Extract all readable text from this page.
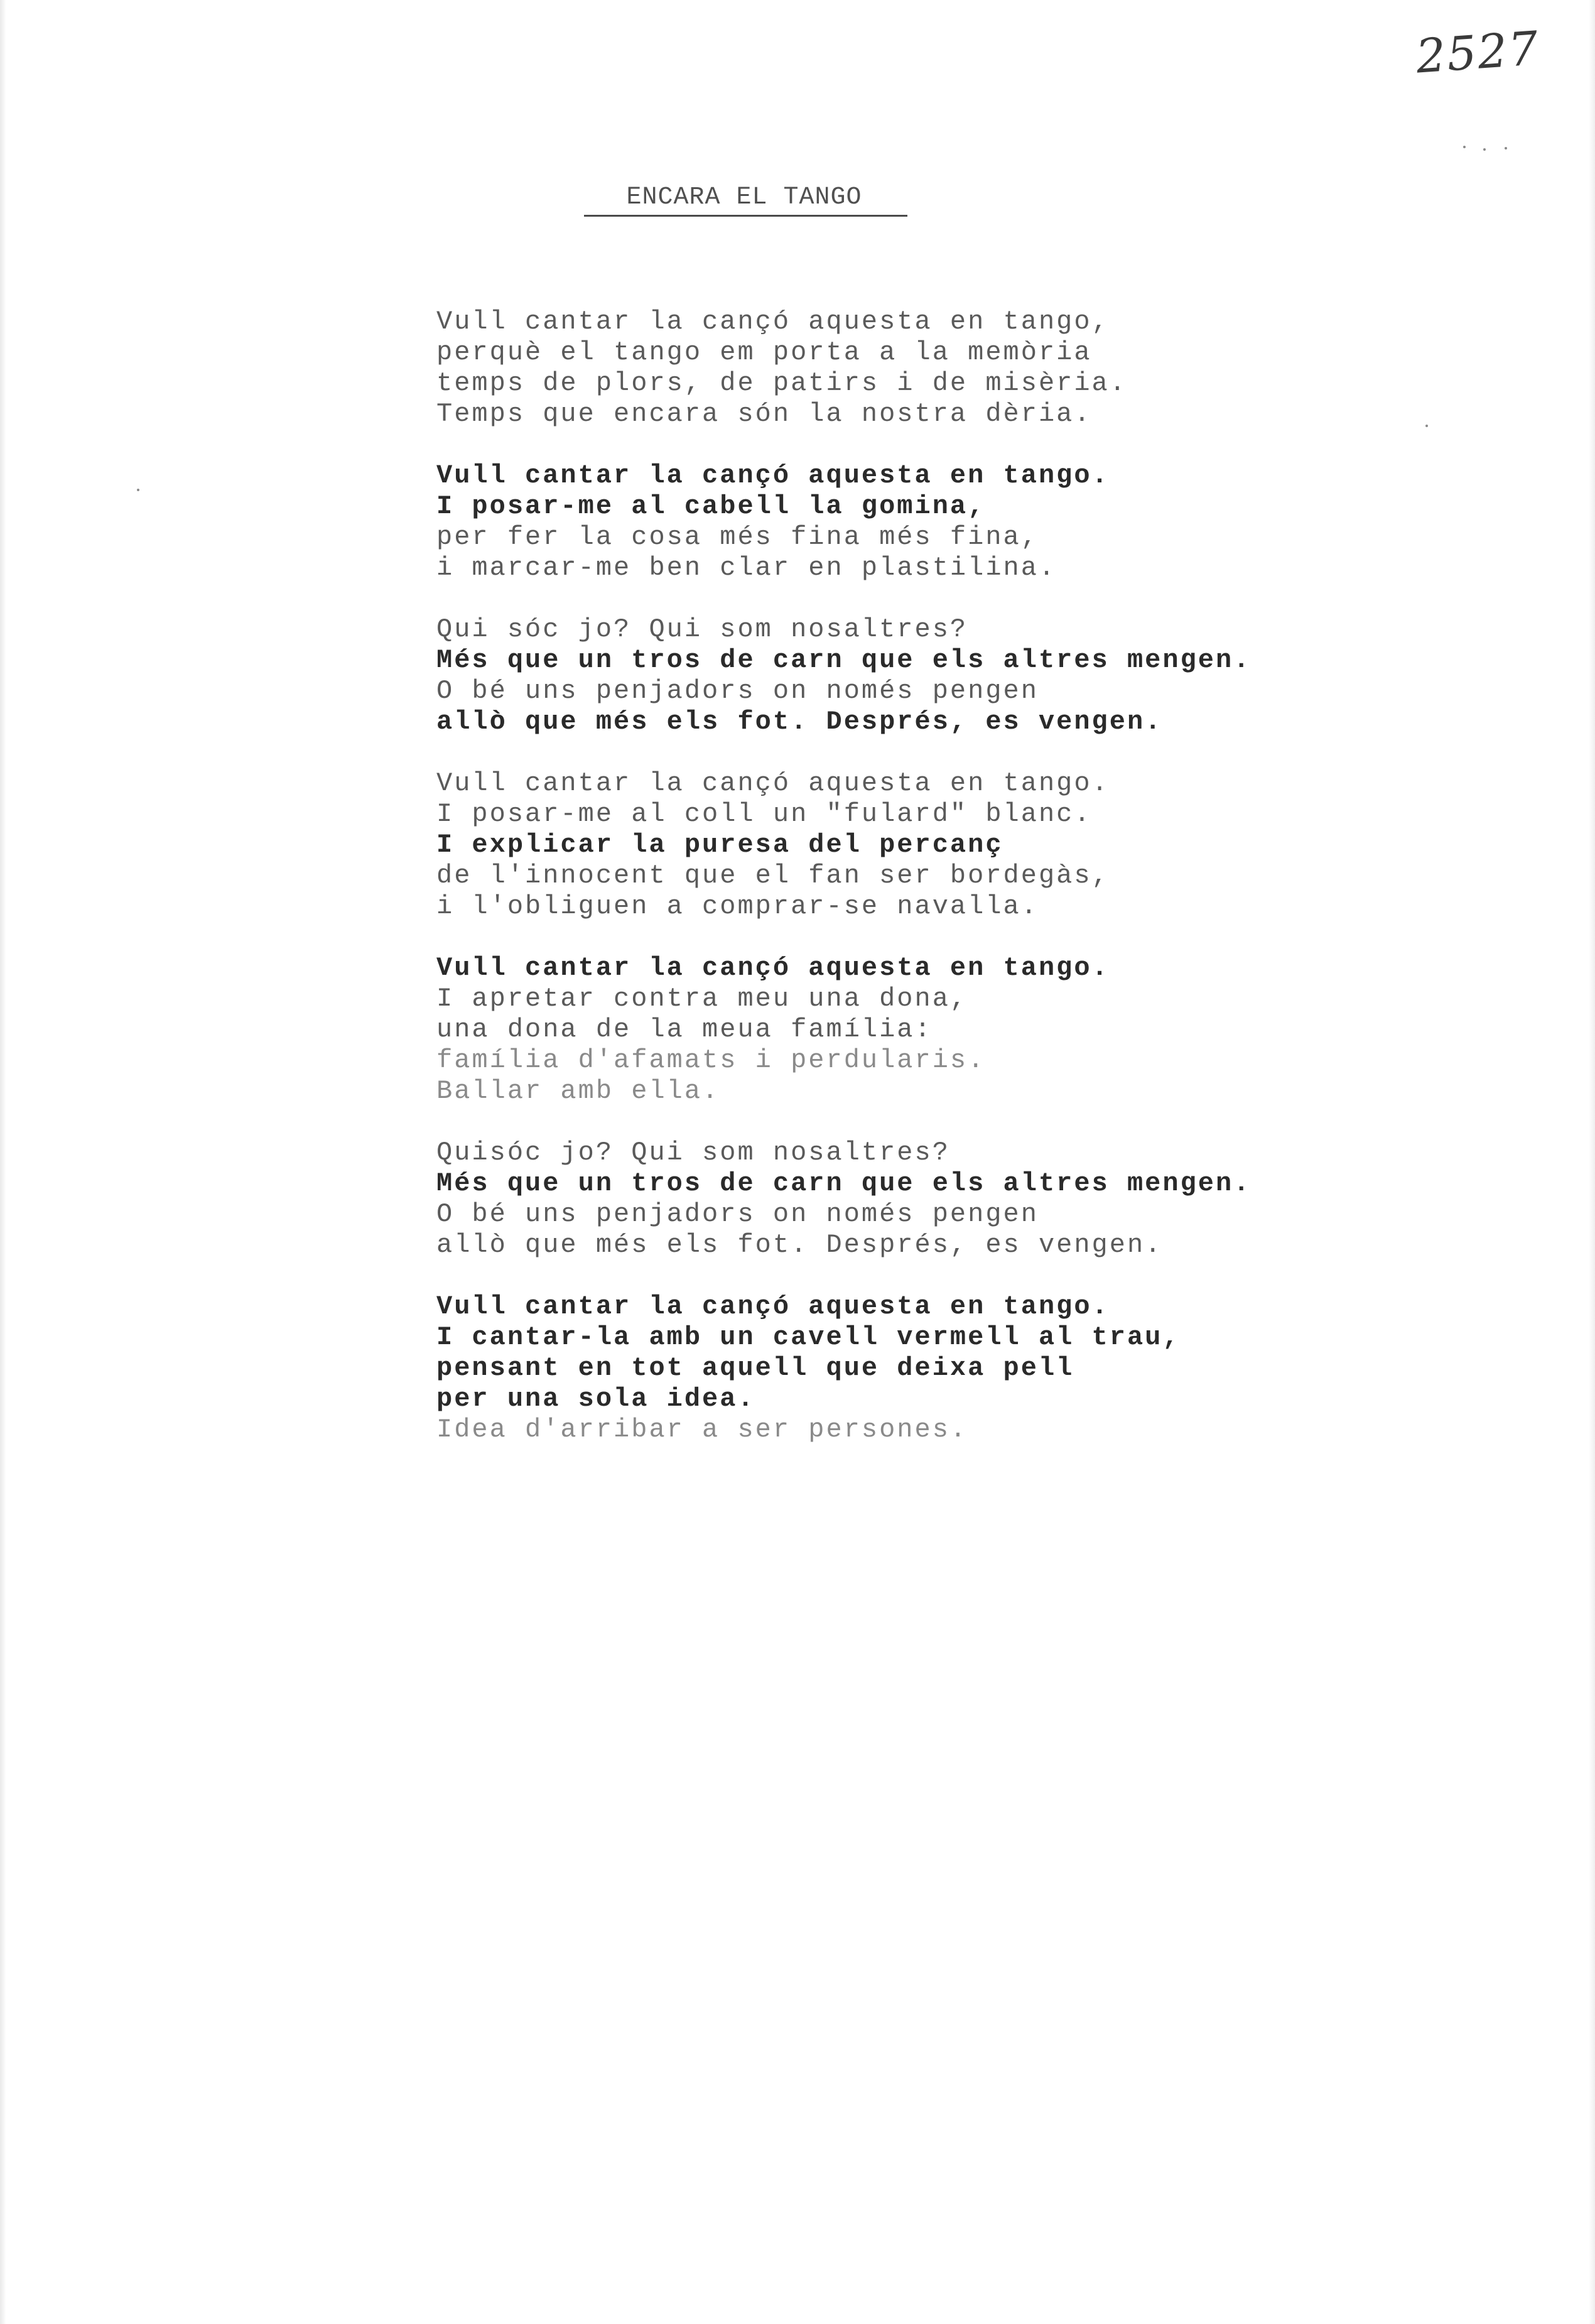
2527
ENCARA EL TANGO
Vull cantar la cançó aquesta en tango,
perquè el tango em porta a la memòria
temps de plors, de patirs i de misèria.
Temps que encara són la nostra dèria.
Vull cantar la cançó aquesta en tango.
I posar-me al cabell la gomina,
per fer la cosa més fina més fina,
i marcar-me ben clar en plastilina.
Qui sóc jo? Qui som nosaltres?
Més que un tros de carn que els altres mengen.
O bé uns penjadors on només pengen
allò que més els fot. Després, es vengen.
Vull cantar la cançó aquesta en tango.
I posar-me al coll un "fulard" blanc.
I explicar la puresa del percanç
de l'innocent que el fan ser bordegàs,
i l'obliguen a comprar-se navalla.
Vull cantar la cançó aquesta en tango.
I apretar contra meu una dona,
una dona de la meua família:
família d'afamats i perdularis.
Ballar amb ella.
Quisóc jo? Qui som nosaltres?
Més que un tros de carn que els altres mengen.
O bé uns penjadors on només pengen
allò que més els fot. Després, es vengen.
Vull cantar la cançó aquesta en tango.
I cantar-la amb un cavell vermell al trau,
pensant en tot aquell que deixa pell
per una sola idea.
Idea d'arribar a ser persones.
